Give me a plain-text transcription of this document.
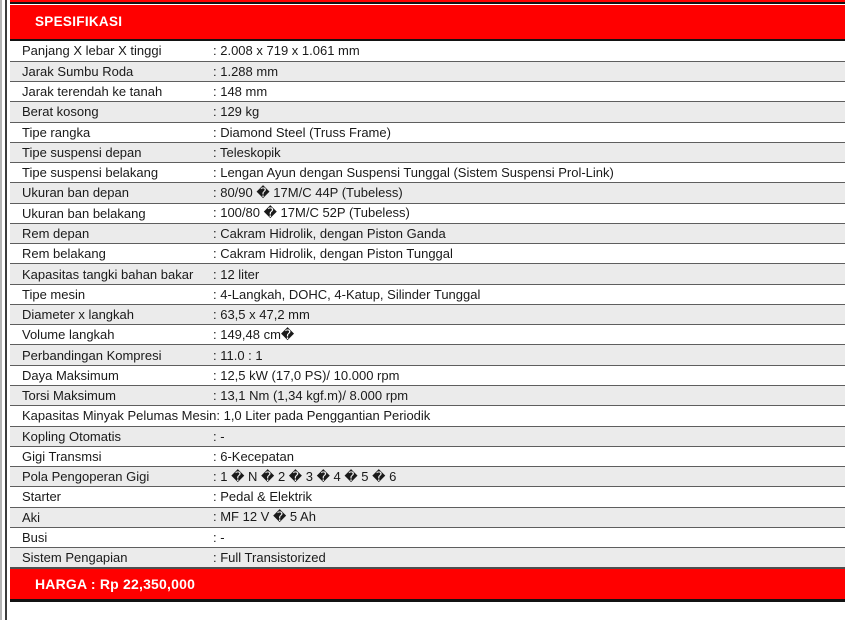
SPESIFIKASI
Panjang X lebar X tinggi	: 2.008 x 719 x 1.061 mm
Jarak Sumbu Roda	: 1.288 mm
Jarak terendah ke tanah	: 148 mm
Berat kosong	: 129 kg
Tipe rangka	: Diamond Steel (Truss Frame)
Tipe suspensi depan	: Teleskopik
Tipe suspensi belakang	: Lengan Ayun dengan Suspensi Tunggal (Sistem Suspensi Prol-Link)
Ukuran ban depan	: 80/90 � 17M/C 44P (Tubeless)
Ukuran ban belakang	: 100/80 � 17M/C 52P (Tubeless)
Rem depan	: Cakram Hidrolik, dengan Piston Ganda
Rem belakang	: Cakram Hidrolik, dengan Piston Tunggal
Kapasitas tangki bahan bakar	: 12 liter
Tipe mesin	: 4-Langkah, DOHC, 4-Katup, Silinder Tunggal
Diameter x langkah	: 63,5 x 47,2 mm
Volume langkah	: 149,48 cm�
Perbandingan Kompresi	: 11.0 : 1
Daya Maksimum	: 12,5 kW (17,0 PS)/ 10.000 rpm
Torsi Maksimum	: 13,1 Nm (1,34 kgf.m)/ 8.000 rpm
Kapasitas Minyak Pelumas Mesin : 1,0 Liter pada Penggantian Periodik
Kopling Otomatis	: -
Gigi Transmsi	: 6-Kecepatan
Pola Pengoperan Gigi	: 1 � N � 2 � 3 � 4 � 5 � 6
Starter	: Pedal & Elektrik
Aki	: MF 12 V � 5 Ah
Busi	: -
Sistem Pengapian	: Full Transistorized
HARGA : Rp 22,350,000
